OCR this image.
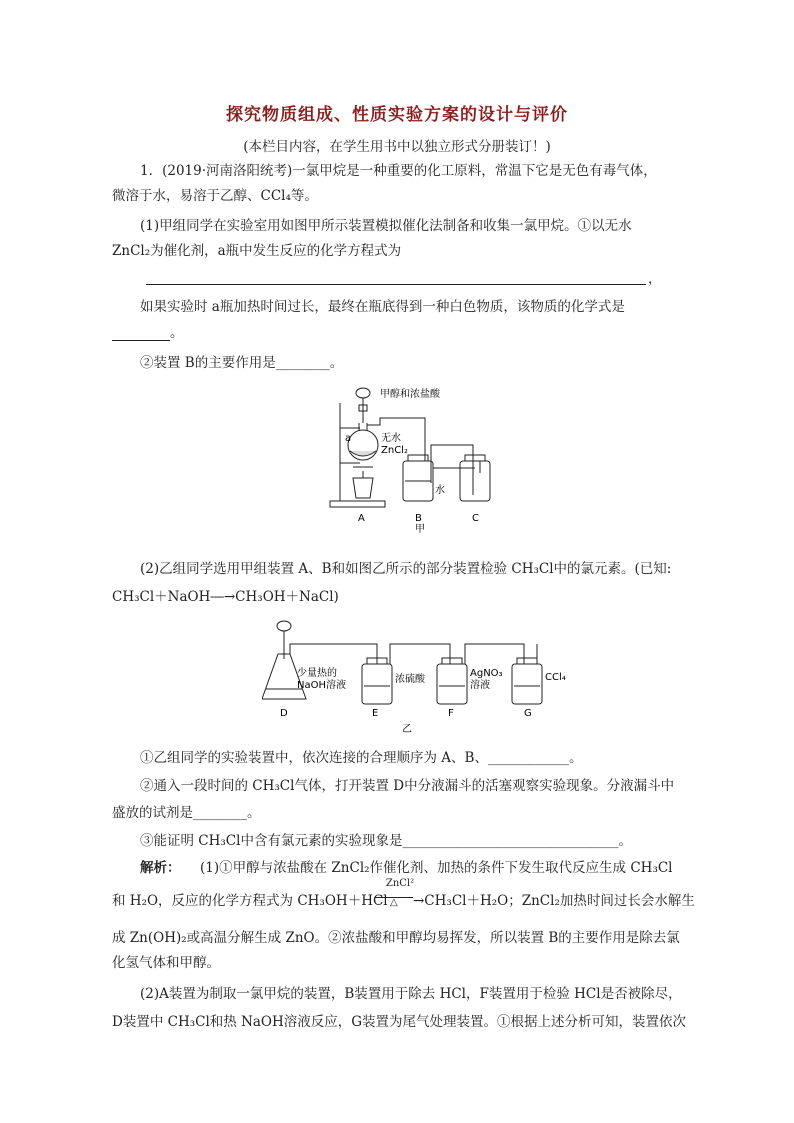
探究物质组成、性质实验方案的设计与评价
(本栏目内容，在学生用书中以独立形式分册装订！)
1．(2019·河南洛阳统考)一氯甲烷是一种重要的化工原料，常温下它是无色有毒气体，
微溶于水，易溶于乙醇、CCl₄等。
(1)甲组同学在实验室用如图甲所示装置模拟催化法制备和收集一氯甲烷。①以无水
ZnCl₂为催化剂，a瓶中发生反应的化学方程式为
，
如果实验时 a瓶加热时间过长，最终在瓶底得到一种白色物质，该物质的化学式是
。
②装置 B的主要作用是________。
甲醇和浓盐酸
a	无水
ZnCl₂
水
A	B	C
甲
(2)乙组同学选用甲组装置 A、B和如图乙所示的部分装置检验 CH₃Cl中的氯元素。(已知:
CH₃Cl＋NaOH―→CH₃OH＋NaCl)
少量热的
NaOH溶液
浓硫酸
AgNO₃
溶液
CCl₄
D	E	F	G
乙
①乙组同学的实验装置中，依次连接的合理顺序为 A、B、____________。
②通入一段时间的 CH₃Cl气体，打开装置 D中分液漏斗的活塞观察实验现象。分液漏斗中
盛放的试剂是________。
③能证明 CH₃Cl中含有氯元素的实验现象是________________________________。
解析： (1)①甲醇与浓盐酸在 ZnCl₂作催化剂、加热的条件下发生取代反应生成 CH₃Cl
和 H₂O，反应的化学方程式为 CH₃OH＋HCl
ZnCl²
△ →CH₃Cl＋H₂O；ZnCl₂加热时间过长会水解生
成 Zn(OH)₂或高温分解生成 ZnO。②浓盐酸和甲醇均易挥发，所以装置 B的主要作用是除去氯
化氢气体和甲醇。
(2)A装置为制取一氯甲烷的装置，B装置用于除去 HCl，F装置用于检验 HCl是否被除尽，
D装置中 CH₃Cl和热 NaOH溶液反应，G装置为尾气处理装置。①根据上述分析可知，装置依次
